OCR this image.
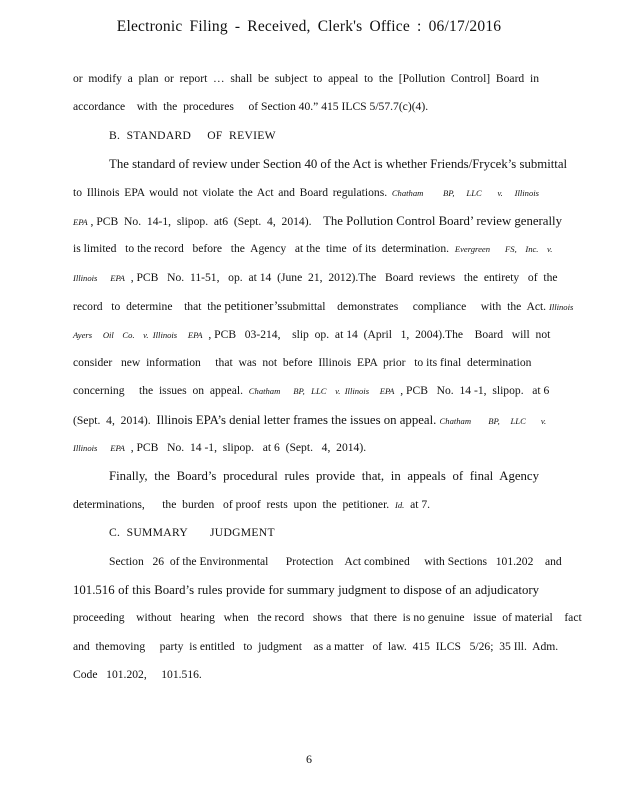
Electronic Filing - Received, Clerk's Office : 06/17/2016
or modify a plan or report … shall be subject to appeal to the [Pollution Control] Board in
accordance    with  the  procedures     of Section 40.” 415 ILCS 5/57.7(c)(4).
B.  STANDARD     OF  REVIEW
The standard of review under Section 40 of the Act is whether Friends/Frycek’s submittal
to Illinois EPA would not violate the Act and Board regulations. Chatham     BP,   LLC    v.   Illinois
EPA , PCB  No.  14-1,  slipop.  at6  (Sept.  4,  2014).    The Pollution Control Board’ review generally
is limited   to the record   before   the  Agency   at the  time  of its  determination.  Evergreen       FS,    Inc.    v.
Illinois      EPA  , PCB   No.  11-51,   op.  at 14  (June  21,  2012).The   Board  reviews   the  entirety   of  the
record   to  determine    that  the petitioner’ssubmittal    demonstrates     compliance     with  the  Act. Illinois
Ayers     Oil    Co.    v.  Illinois     EPA  , PCB   03-214,    slip  op.  at 14  (April   1,  2004).The    Board   will  not
consider   new  information     that  was  not  before  Illinois  EPA  prior   to its final  determination
concerning     the  issues  on  appeal.  Chatham      BP,   LLC    v.  Illinois     EPA  , PCB   No.  14 -1,  slipop.   at 6
(Sept.  4,  2014).  Illinois EPA’s denial letter frames the issues on appeal. Chatham        BP,     LLC       v.
Illinois      EPA  , PCB   No.  14 -1,  slipop.   at 6  (Sept.   4,  2014).
Finally, the Board’s procedural rules provide that, in appeals of final Agency
determinations,      the  burden   of proof  rests  upon  the  petitioner.  Id.  at 7.
C.  SUMMARY       JUDGMENT
Section   26  of the Environmental      Protection    Act combined     with Sections   101.202    and
101.516 of this Board’s rules provide for summary judgment to dispose of an adjudicatory
proceeding    without   hearing   when   the record   shows   that  there  is no genuine   issue  of material    fact
and  themoving     party  is entitled   to  judgment    as a matter   of  law.  415  ILCS   5/26;  35 Ill.  Adm.
Code   101.202,     101.516.
6
